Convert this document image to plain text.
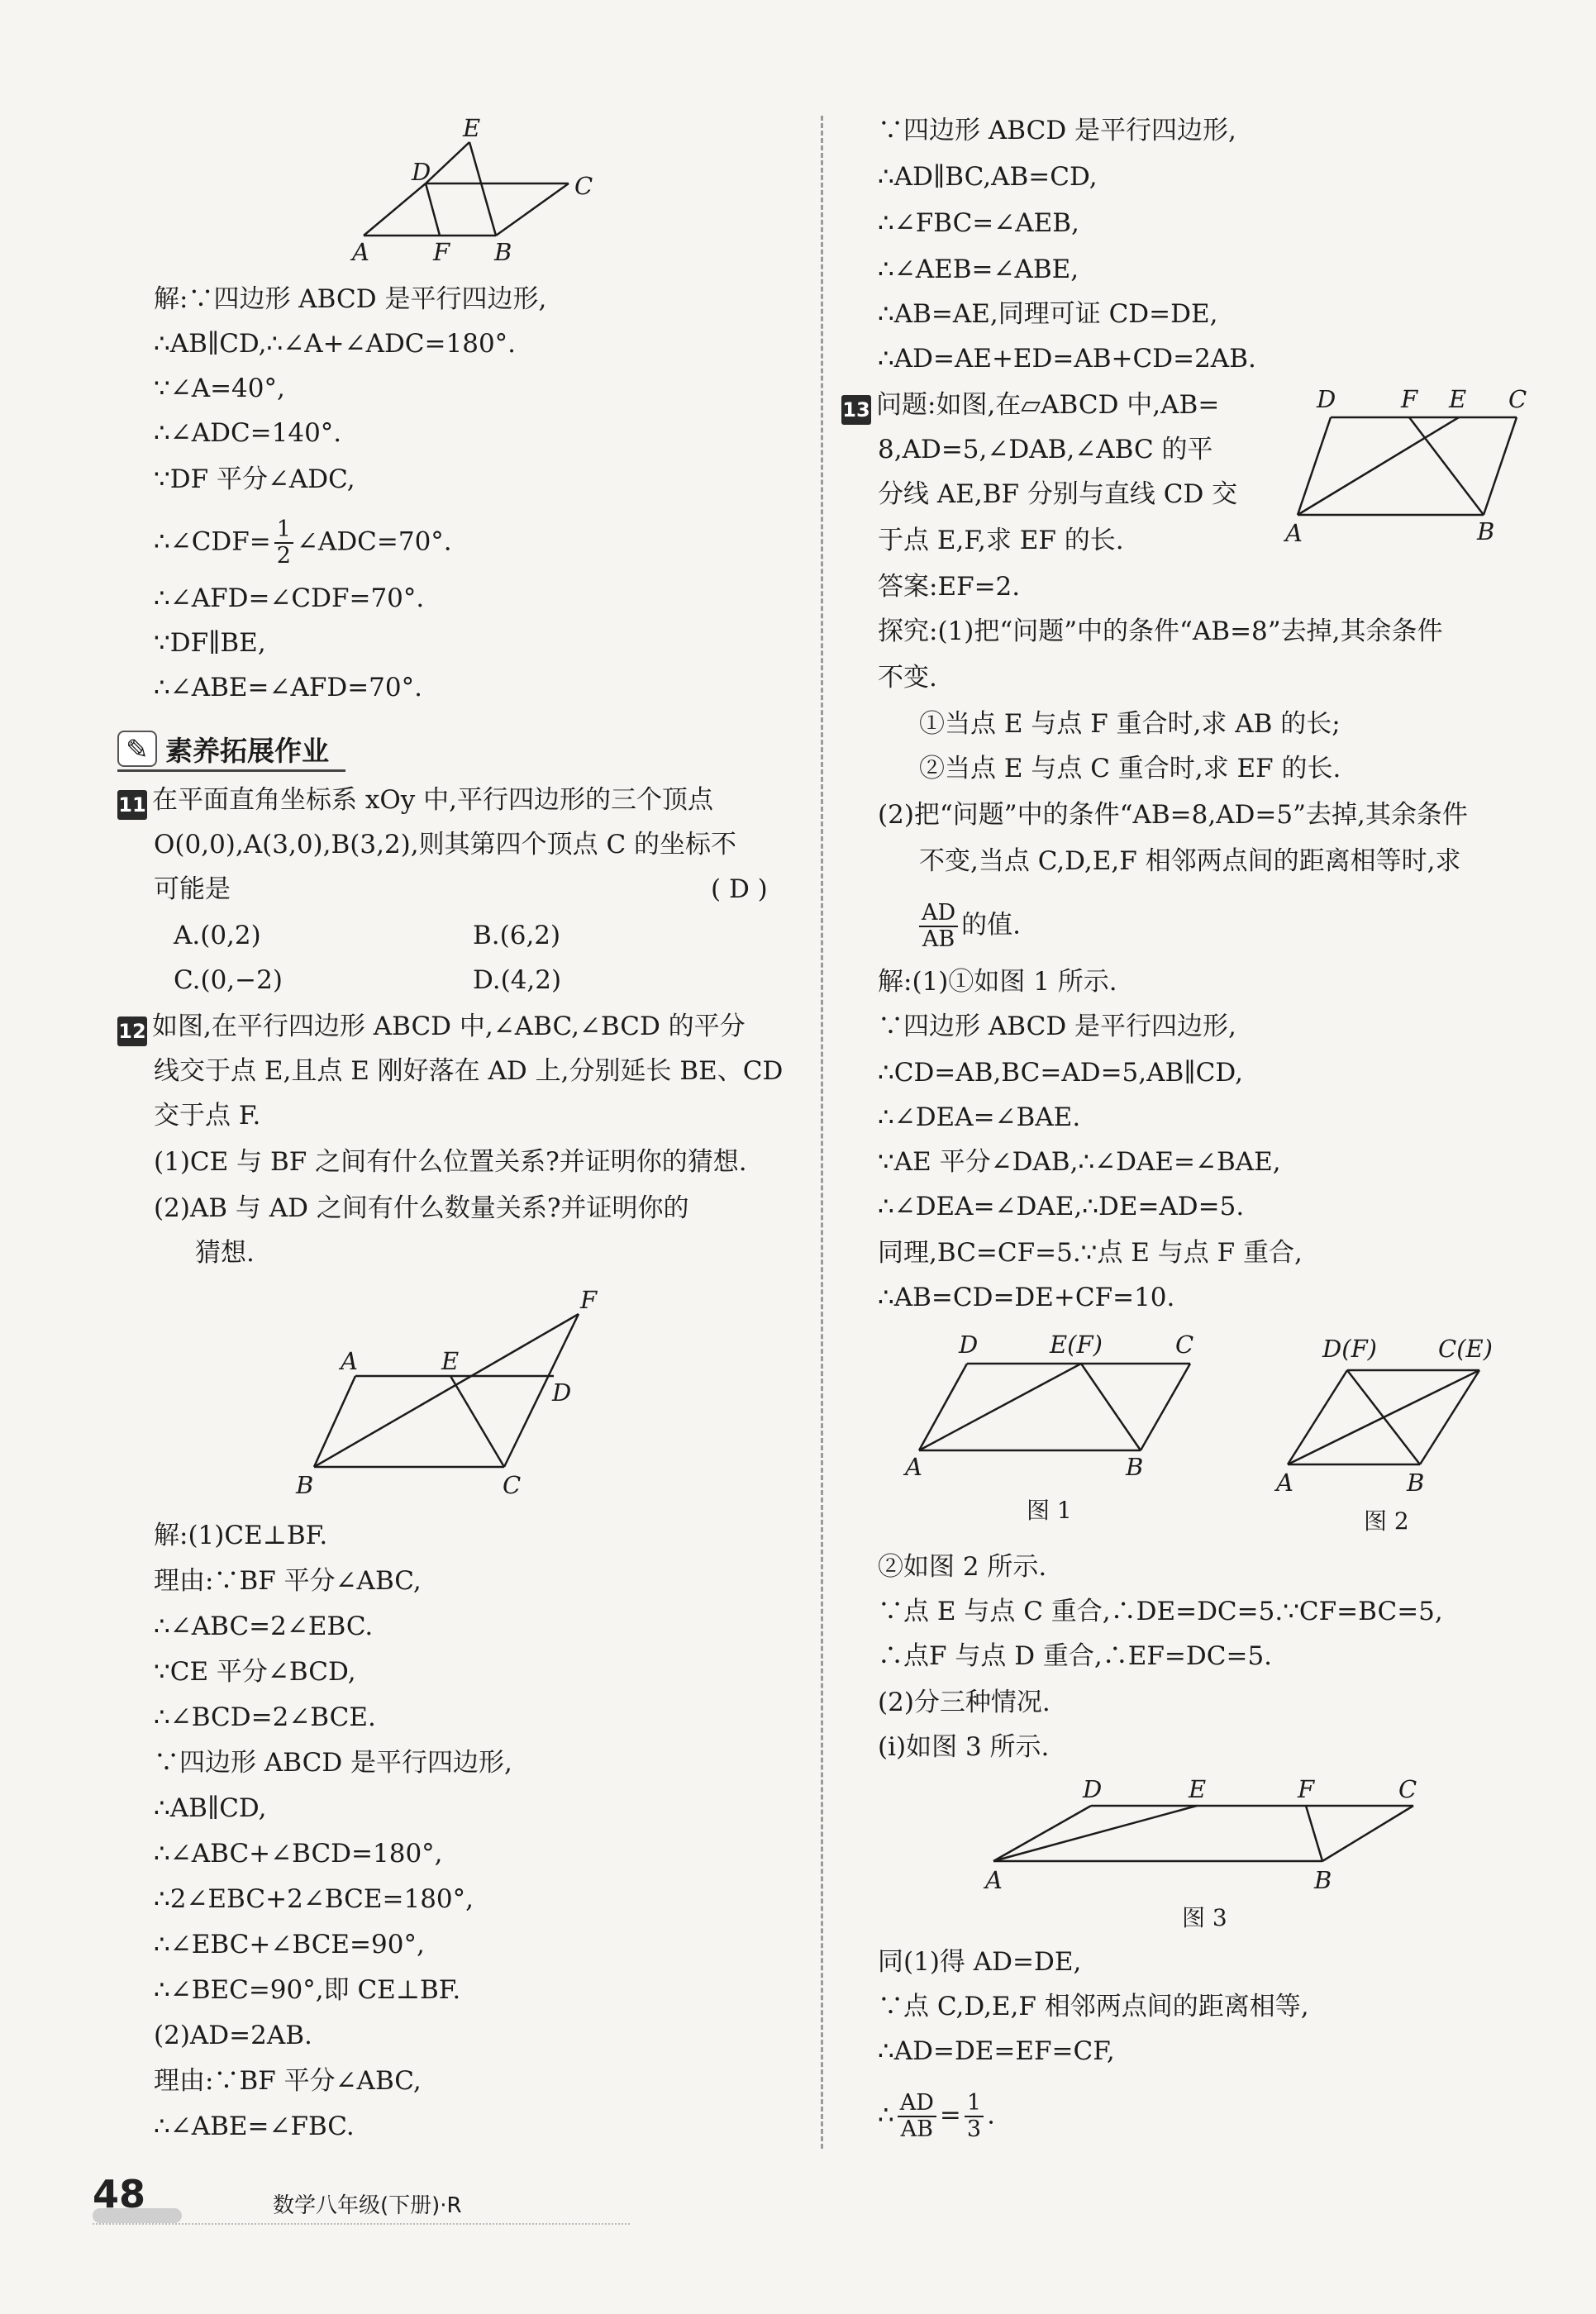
E
D	C
A	F B
解:∵四边形 ABCD 是平行四边形,
∴AB∥CD,∴∠A+∠ADC=180°.
∵∠A=40°,
∴∠ADC=140°.
∵DF 平分∠ADC,
∴∠CDF= $\frac{1}{2}$ ∠ADC=70°.
∴∠AFD=∠CDF=70°.
∵DF∥BE,
∴∠ABE=∠AFD=70°.
✎ 素养拓展作业
11 在平面直角坐标系 xOy 中,平行四边形的三个顶点
O(0,0),A(3,0),B(3,2),则其第四个顶点 C 的坐标不
可能是	( D )
A.(0,2)	B.(6,2)
C.(0,−2)	D.(4,2)
12 如图,在平行四边形 ABCD 中,∠ABC,∠BCD 的平分
线交于点 E,且点 E 刚好落在 AD 上,分别延长 BE、CD
交于点 F.
(1)CE 与 BF 之间有什么位置关系?并证明你的猜想.
(2)AB 与 AD 之间有什么数量关系?并证明你的
猜想.
F
A	E
D
B	C
解:(1)CE⊥BF.
理由:∵BF 平分∠ABC,
∴∠ABC=2∠EBC.
∵CE 平分∠BCD,
∴∠BCD=2∠BCE.
∵四边形 ABCD 是平行四边形,
∴AB∥CD,
∴∠ABC+∠BCD=180°,
∴2∠EBC+2∠BCE=180°,
∴∠EBC+∠BCE=90°,
∴∠BEC=90°,即 CE⊥BF.
(2)AD=2AB.
理由:∵BF 平分∠ABC,
∴∠ABE=∠FBC.
∵四边形 ABCD 是平行四边形,
∴AD∥BC,AB=CD,
∴∠FBC=∠AEB,
∴∠AEB=∠ABE,
∴AB=AE,同理可证 CD=DE,
∴AD=AE+ED=AB+CD=2AB.
13 问题:如图,在▱ABCD 中,AB=
8,AD=5,∠DAB,∠ABC 的平
分线 AE,BF 分别与直线 CD 交
于点 E,F,求 EF 的长.
D	F E C
A	B
答案:EF=2.
探究:(1)把“问题”中的条件“AB=8”去掉,其余条件
不变.
①当点 E 与点 F 重合时,求 AB 的长;
②当点 E 与点 C 重合时,求 EF 的长.
(2)把“问题”中的条件“AB=8,AD=5”去掉,其余条件
不变,当点 C,D,E,F 相邻两点间的距离相等时,求
$\frac{AD}{AB}$ 的值.
解:(1)①如图 1 所示.
∵四边形 ABCD 是平行四边形,
∴CD=AB,BC=AD=5,AB∥CD,
∴∠DEA=∠BAE.
∵AE 平分∠DAB,∴∠DAE=∠BAE,
∴∠DEA=∠DAE,∴DE=AD=5.
同理,BC=CF=5.∵点 E 与点 F 重合,
∴AB=CD=DE+CF=10.
D	E(F)	C
A	B
图 1
D(F)	C(E)
A	B
图 2
②如图 2 所示.
∵点 E 与点 C 重合,∴DE=DC=5.∵CF=BC=5,
∴点F 与点 D 重合,∴EF=DC=5.
(2)分三种情况.
(i)如图 3 所示.
D	E	F	C
A	B
图 3
同(1)得 AD=DE,
∵点 C,D,E,F 相邻两点间的距离相等,
∴AD=DE=EF=CF,
∴ $\frac{AD}{AB} = \frac{1}{3}$ .
48	数学八年级(下册)·R
